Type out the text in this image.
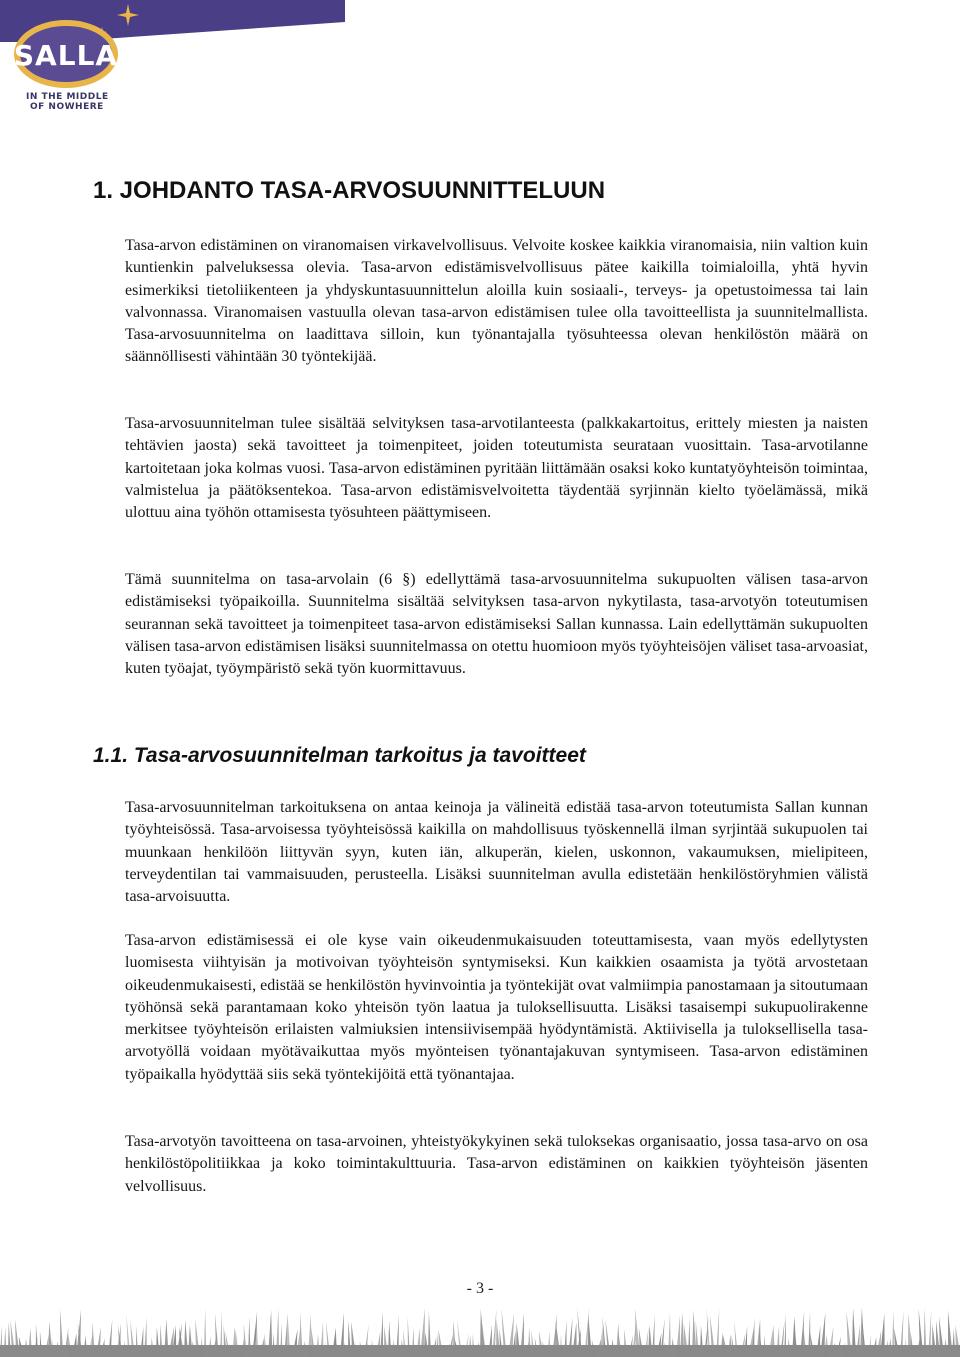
SALLA
IN THE MIDDLE
OF NOWHERE
1. JOHDANTO TASA-ARVOSUUNNITTELUUN

Tasa-arvon edistäminen on viranomaisen virkavelvollisuus. Velvoite koskee kaikkia viranomaisia, niin valtion kuin kuntienkin palveluksessa olevia. Tasa-arvon edistämisvelvollisuus pätee kaikilla toimialoilla, yhtä hyvin esimerkiksi tietoliikenteen ja yhdyskuntasuunnittelun aloilla kuin sosiaali-, terveys- ja opetustoimessa tai lain valvonnassa. Viranomaisen vastuulla olevan tasa-arvon edistämisen tulee olla tavoitteellista ja suunnitelmallista. Tasa-arvosuunnitelma on laadittava silloin, kun työnantajalla työsuhteessa olevan henkilöstön määrä on säännöllisesti vähintään 30 työntekijää.

Tasa-arvosuunnitelman tulee sisältää selvityksen tasa-arvotilanteesta (palkkakartoitus, erittely miesten ja naisten tehtävien jaosta) sekä tavoitteet ja toimenpiteet, joiden toteutumista seurataan vuosittain. Tasa-arvotilanne kartoitetaan joka kolmas vuosi. Tasa-arvon edistäminen pyritään liittämään osaksi koko kuntatyöyhteisön toimintaa, valmistelua ja päätöksentekoa. Tasa-arvon edistämisvelvoitetta täydentää syrjinnän kielto työelämässä, mikä ulottuu aina työhön ottamisesta työsuhteen päättymiseen.

Tämä suunnitelma on tasa-arvolain (6 §) edellyttämä tasa-arvosuunnitelma sukupuolten välisen tasa-arvon edistämiseksi työpaikoilla. Suunnitelma sisältää selvityksen tasa-arvon nykytilasta, tasa-arvotyön toteutumisen seurannan sekä tavoitteet ja toimenpiteet tasa-arvon edistämiseksi Sallan kunnassa. Lain edellyttämän sukupuolten välisen tasa-arvon edistämisen lisäksi suunnitelmassa on otettu huomioon myös työyhteisöjen väliset tasa-arvoasiat, kuten työajat, työympäristö sekä työn kuormittavuus.

1.1. Tasa-arvosuunnitelman tarkoitus ja tavoitteet

Tasa-arvosuunnitelman tarkoituksena on antaa keinoja ja välineitä edistää tasa-arvon toteutumista Sallan kunnan työyhteisössä. Tasa-arvoisessa työyhteisössä kaikilla on mahdollisuus työskennellä ilman syrjintää sukupuolen tai muunkaan henkilöön liittyvän syyn, kuten iän, alkuperän, kielen, uskonnon, vakaumuksen, mielipiteen, terveydentilan tai vammaisuuden, perusteella. Lisäksi suunnitelman avulla edistetään henkilöstöryhmien välistä tasa-arvoisuutta.

Tasa-arvon edistämisessä ei ole kyse vain oikeudenmukaisuuden toteuttamisesta, vaan myös edellytysten luomisesta viihtyisän ja motivoivan työyhteisön syntymiseksi. Kun kaikkien osaamista ja työtä arvostetaan oikeudenmukaisesti, edistää se henkilöstön hyvinvointia ja työntekijät ovat valmiimpia panostamaan ja sitoutumaan työhönsä sekä parantamaan koko yhteisön työn laatua ja tuloksellisuutta. Lisäksi tasaisempi sukupuolirakenne merkitsee työyhteisön erilaisten valmiuksien intensiivisempää hyödyntämistä. Aktiivisella ja tuloksellisella tasa-arvotyöllä voidaan myötävaikuttaa myös myönteisen työnantajakuvan syntymiseen. Tasa-arvon edistäminen työpaikalla hyödyttää siis sekä työntekijöitä että työnantajaa.

Tasa-arvotyön tavoitteena on tasa-arvoinen, yhteistyökykyinen sekä tuloksekas organisaatio, jossa tasa-arvo on osa henkilöstöpolitiikkaa ja koko toimintakulttuuria. Tasa-arvon edistäminen on kaikkien työyhteisön jäsenten velvollisuus.

- 3 -
